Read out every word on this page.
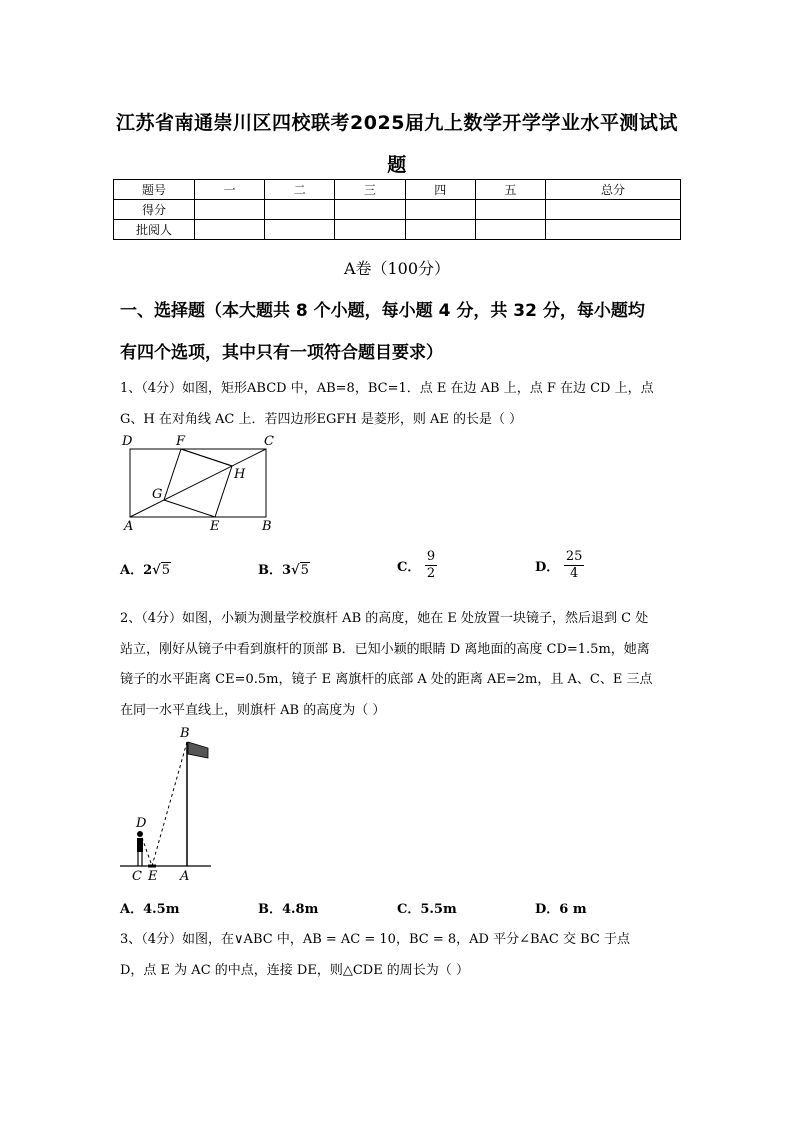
江苏省南通崇川区四校联考2025届九上数学开学学业水平测试试
题
题号	一	二	三	四	五	总分
得分						
批阅人						
A卷（100分）
一、选择题（本大题共 8 个小题，每小题 4 分，共 32 分，每小题均
有四个选项，其中只有一项符合题目要求）
1、（4分）如图，矩形ABCD 中，AB=8，BC=1．点 E 在边 AB 上，点 F 在边 CD 上，点
G、H 在对角线 AC 上．若四边形EGFH 是菱形，则 AE 的长是（ ）
D	F	C
H
G
A	E	B
A．2√5	B．3√5	C． $\frac{9}{2}$	D． $\frac{25}{4}$
2、（4分）如图，小颖为测量学校旗杆 AB 的高度，她在 E 处放置一块镜子，然后退到 C 处
站立，刚好从镜子中看到旗杆的顶部 B．已知小颖的眼睛 D 离地面的高度 CD=1.5m，她离
镜子的水平距离 CE=0.5m，镜子 E 离旗杆的底部 A 处的距离 AE=2m，且 A、C、E 三点
在同一水平直线上，则旗杆 AB 的高度为（ ）
B
D
C E A
A．4.5m	B．4.8m	C．5.5m	D．6 m
3、（4分）如图，在∨ABC 中，AB = AC = 10，BC = 8，AD 平分∠BAC 交 BC 于点
D，点 E 为 AC 的中点，连接 DE，则△CDE 的周长为（ ）
